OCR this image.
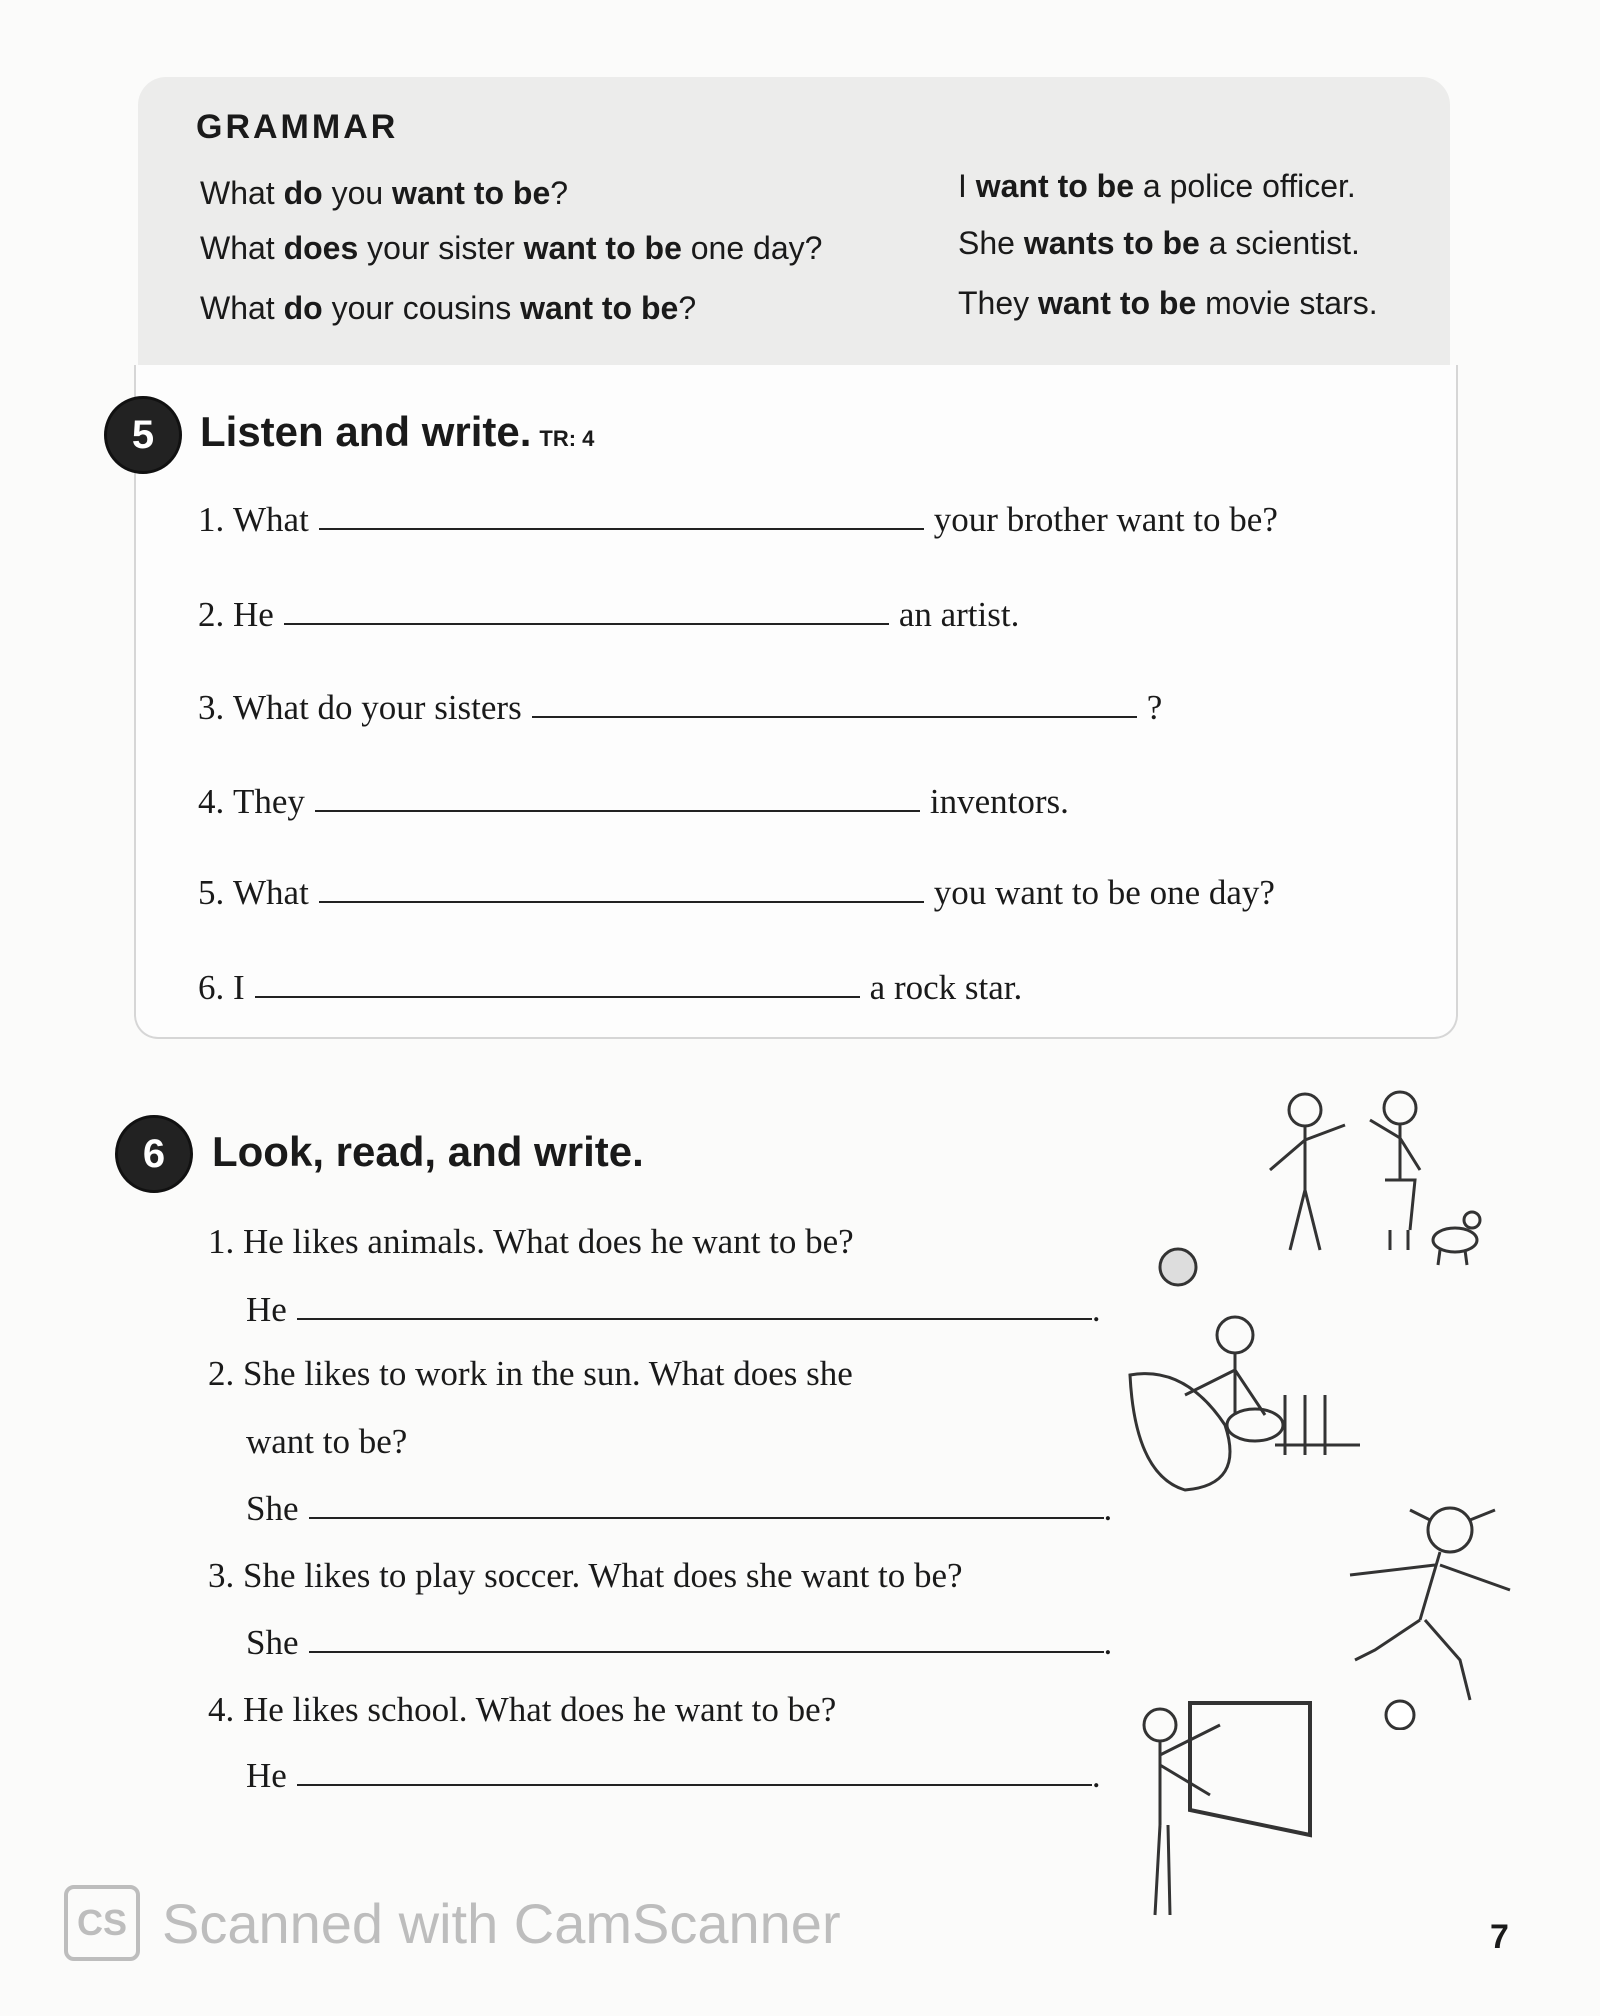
GRAMMAR
What do you want to be?
What does your sister want to be one day?
What do your cousins want to be?
I want to be a police officer.
She wants to be a scientist.
They want to be movie stars.
5	Listen and write. TR: 4
1.
What	your brother want to be?
2.
He	an artist.
3.
What do your sisters	?
4.
They	inventors.
5.
What	you want to be one day?
6.
I	a rock star.
6	Look, read, and write.
1.
He likes animals. What does he want to be?
He	.
2.
She likes to work in the sun. What does she
want to be?
She	.
3.
She likes to play soccer. What does she want to be?
She	.
4.
He likes school. What does he want to be?
He	.
CS Scanned with CamScanner	7
